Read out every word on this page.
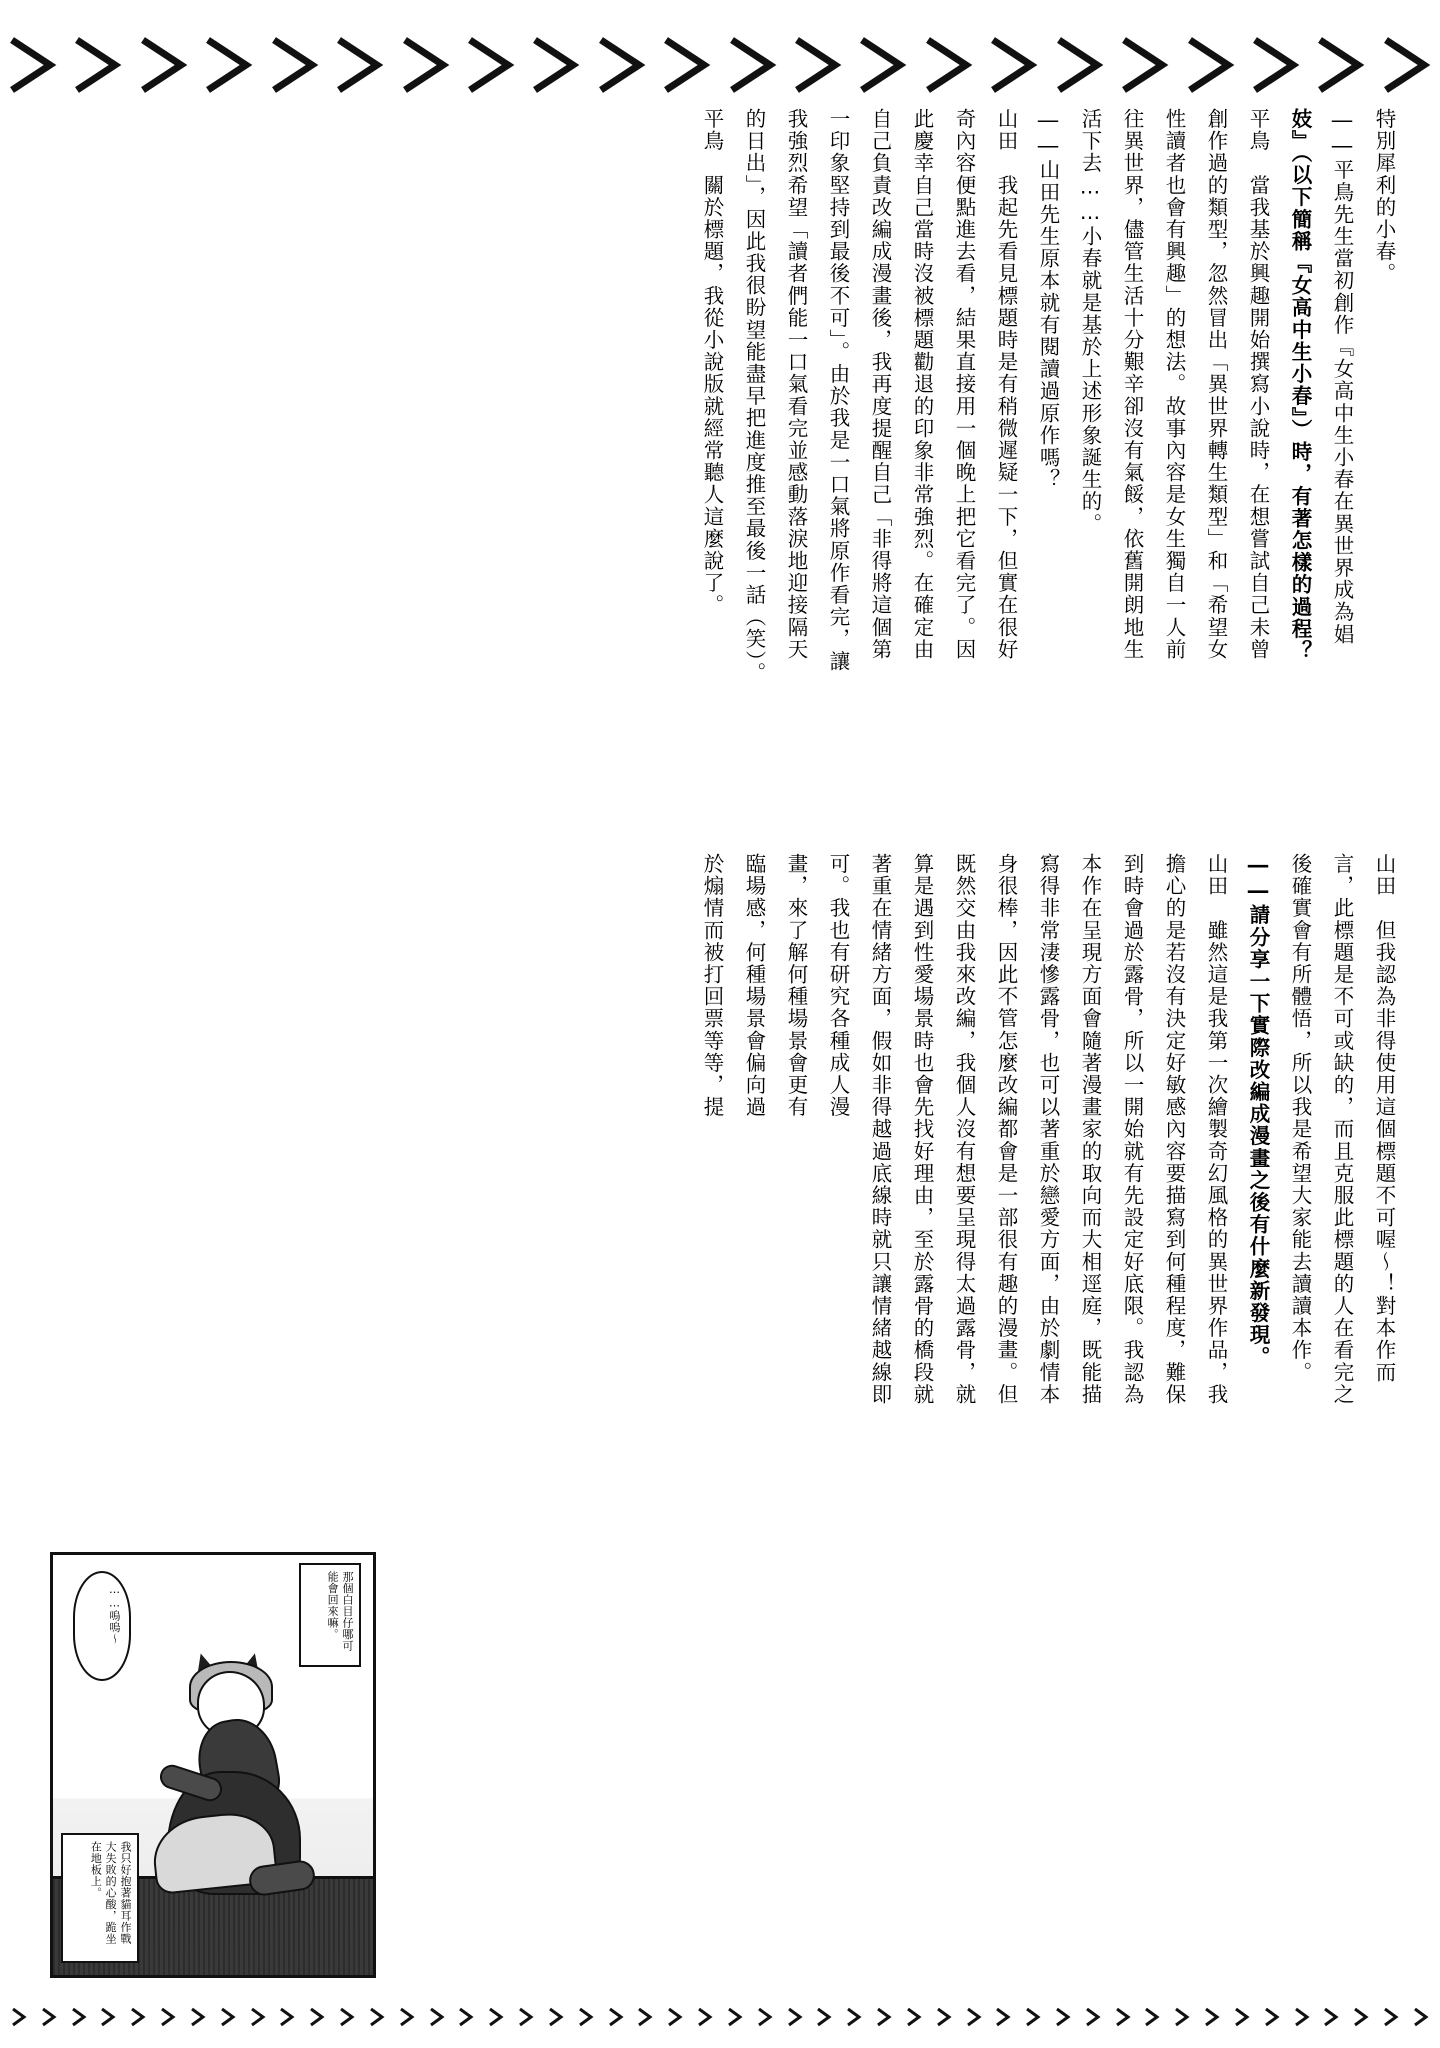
特別犀利的小春。
――平鳥先生當初創作『女高中生小春在異世界成為娼
妓』（以下簡稱『女高中生小春』）時，有著怎樣的過程？
平鳥　當我基於興趣開始撰寫小說時，在想嘗試自己未曾
創作過的類型，忽然冒出「異世界轉生類型」和「希望女
性讀者也會有興趣」的想法。故事內容是女生獨自一人前
往異世界，儘管生活十分艱辛卻沒有氣餒，依舊開朗地生
活下去……小春就是基於上述形象誕生的。
――山田先生原本就有閱讀過原作嗎？
山田　我起先看見標題時是有稍微遲疑一下，但實在很好
奇內容便點進去看，結果直接用一個晚上把它看完了。因
此慶幸自己當時沒被標題勸退的印象非常強烈。在確定由
自己負責改編成漫畫後，我再度提醒自己「非得將這個第
一印象堅持到最後不可」。由於我是一口氣將原作看完，讓
我強烈希望「讀者們能一口氣看完並感動落淚地迎接隔天
的日出」，因此我很盼望能盡早把進度推至最後一話（笑）。
平鳥　關於標題，我從小說版就經常聽人這麼說了。
山田　但我認為非得使用這個標題不可喔～！對本作而
言，此標題是不可或缺的，而且克服此標題的人在看完之
後確實會有所體悟，所以我是希望大家能去讀讀本作。
――請分享一下實際改編成漫畫之後有什麼新發現。
山田　雖然這是我第一次繪製奇幻風格的異世界作品，我
擔心的是若沒有決定好敏感內容要描寫到何種程度，難保
到時會過於露骨，所以一開始就有先設定好底限。我認為
本作在呈現方面會隨著漫畫家的取向而大相逕庭，既能描
寫得非常淒慘露骨，也可以著重於戀愛方面，由於劇情本
身很棒，因此不管怎麼改編都會是一部很有趣的漫畫。但
既然交由我來改編，我個人沒有想要呈現得太過露骨，就
算是遇到性愛場景時也會先找好理由，至於露骨的橋段就
著重在情緒方面，假如非得越過底線時就只讓情緒越線即
可。我也有研究各種成人漫
畫，來了解何種場景會更有
臨場感，何種場景會偏向過
於煽情而被打回票等等，提
……嗚嗚～	那個白目仔哪可能會回來嘛。
我只好抱著貓耳作戰大失敗的心酸，跪坐在地板上。
